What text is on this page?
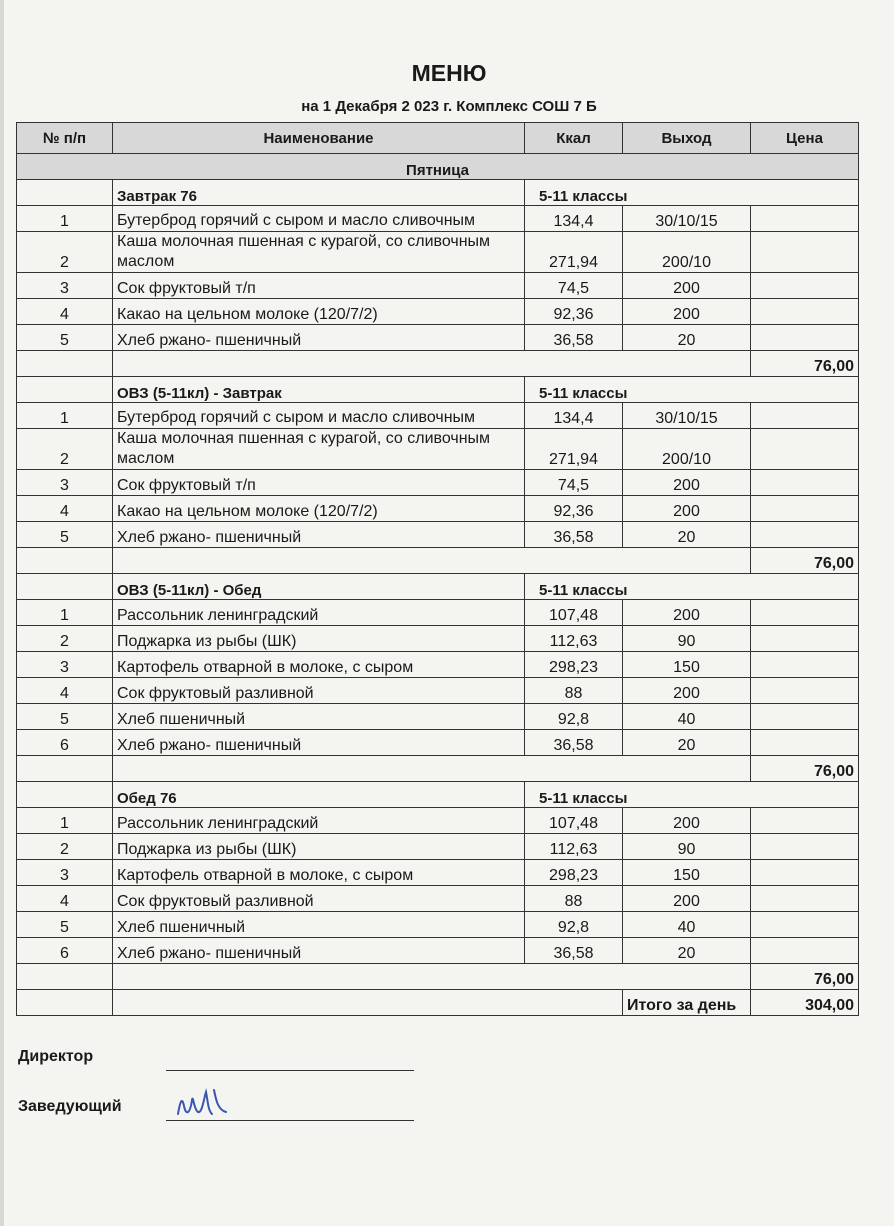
МЕНЮ
на 1 Декабря 2 023 г. Комплекс СОШ 7 Б
№ п/п	Наименование	Ккал	Выход	Цена
Пятница				
	Завтрак 76	5-11 классы		
1	Бутерброд горячий с сыром и масло сливочным	134,4	30/10/15	
2	Каша молочная пшенная с курагой, со сливочным маслом	271,94	200/10	
3	Сок фруктовый т/п	74,5	200	
4	Какао на цельном молоке (120/7/2)	92,36	200	
5	Хлеб ржано- пшеничный	36,58	20	
				76,00
	ОВЗ (5-11кл) - Завтрак	5-11 классы		
1	Бутерброд горячий с сыром и масло сливочным	134,4	30/10/15	
2	Каша молочная пшенная с курагой, со сливочным маслом	271,94	200/10	
3	Сок фруктовый т/п	74,5	200	
4	Какао на цельном молоке (120/7/2)	92,36	200	
5	Хлеб ржано- пшеничный	36,58	20	
				76,00
	ОВЗ (5-11кл) - Обед	5-11 классы		
1	Рассольник ленинградский	107,48	200	
2	Поджарка из рыбы (ШК)	112,63	90	
3	Картофель отварной в молоке, с сыром	298,23	150	
4	Сок фруктовый разливной	88	200	
5	Хлеб пшеничный	92,8	40	
6	Хлеб ржано- пшеничный	36,58	20	
				76,00
	Обед 76	5-11 классы		
1	Рассольник ленинградский	107,48	200	
2	Поджарка из рыбы (ШК)	112,63	90	
3	Картофель отварной в молоке, с сыром	298,23	150	
4	Сок фруктовый разливной	88	200	
5	Хлеб пшеничный	92,8	40	
6	Хлеб ржано- пшеничный	36,58	20	
				76,00
			Итого за день	304,00
Директор
Заведующий
